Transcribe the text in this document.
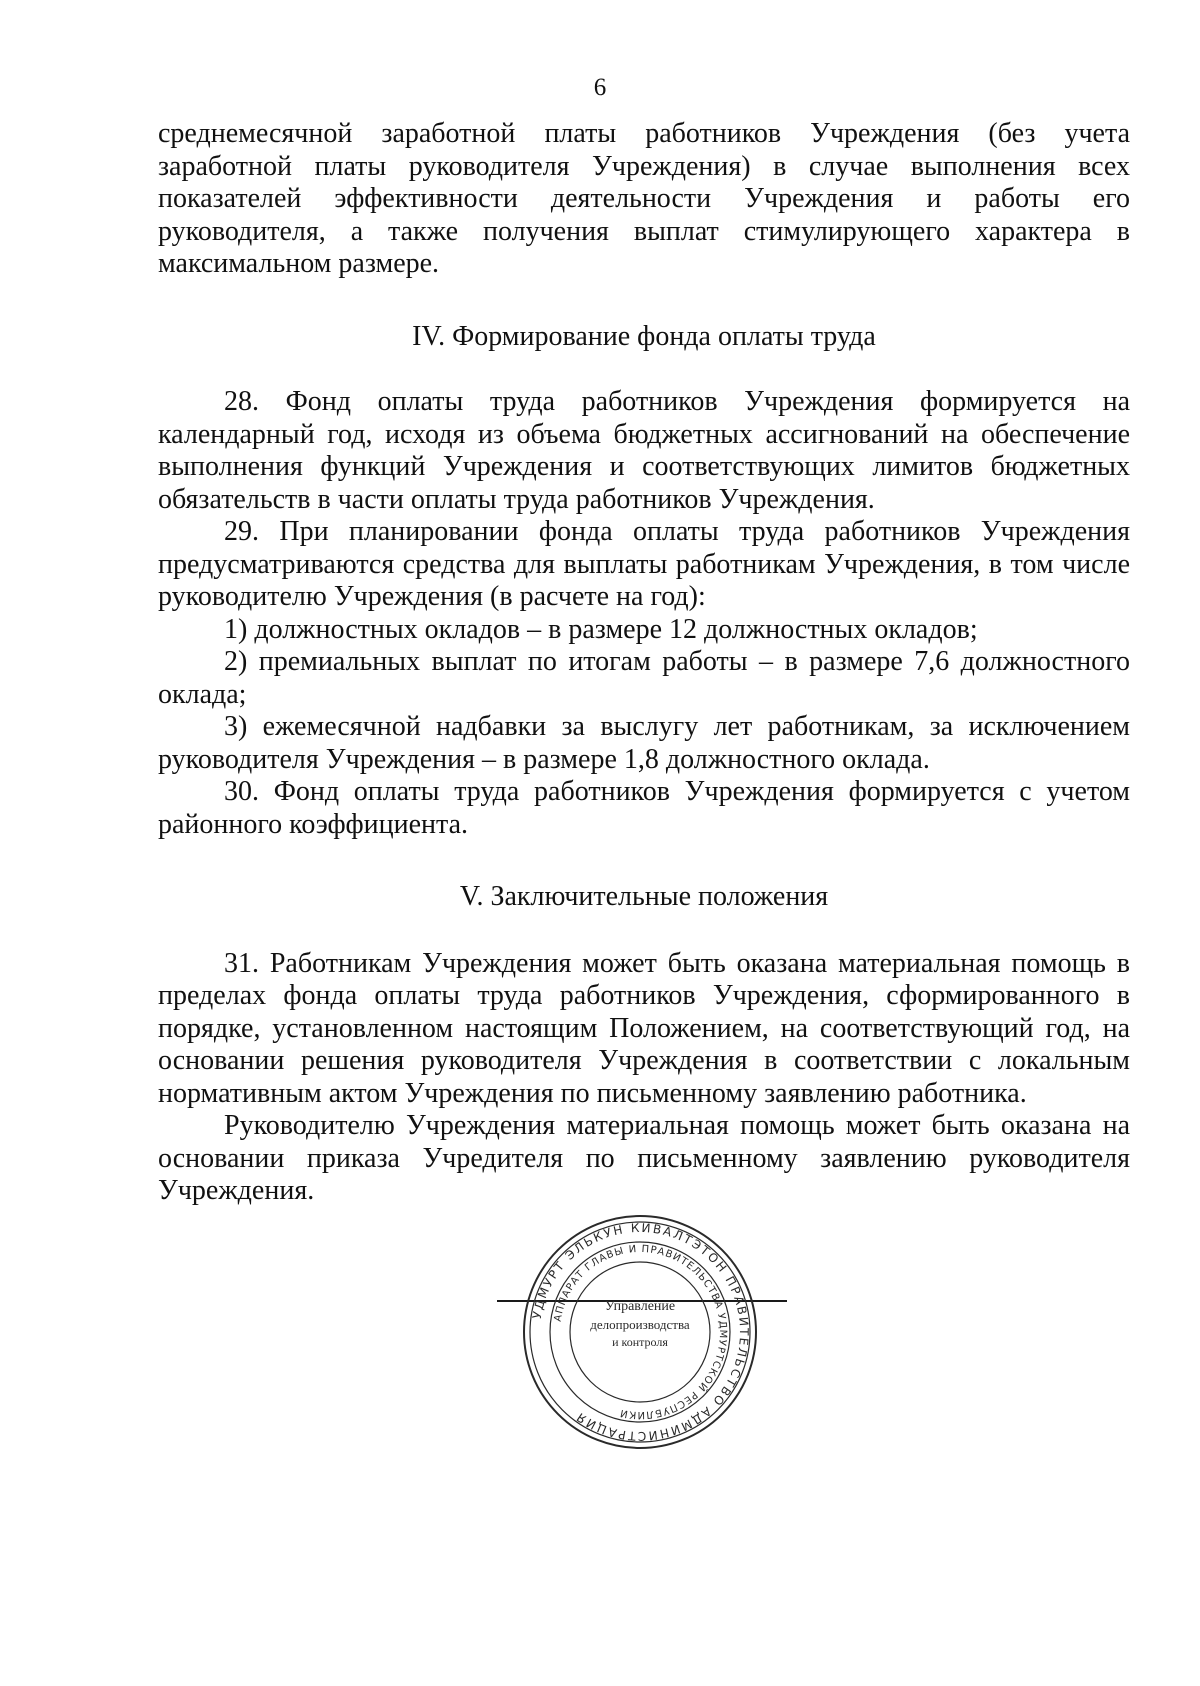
6

среднемесячной заработной платы работников Учреждения (без учета заработной платы руководителя Учреждения) в случае выполнения всех показателей эффективности деятельности Учреждения и работы его руководителя, а также получения выплат стимулирующего характера в максимальном размере.

IV. Формирование фонда оплаты труда

28. Фонд оплаты труда работников Учреждения формируется на календарный год, исходя из объема бюджетных ассигнований на обеспечение выполнения функций Учреждения и соответствующих лимитов бюджетных обязательств в части оплаты труда работников Учреждения.

29. При планировании фонда оплаты труда работников Учреждения предусматриваются средства для выплаты работникам Учреждения, в том числе руководителю Учреждения (в расчете на год):

1) должностных окладов – в размере 12 должностных окладов;

2) премиальных выплат по итогам работы – в размере 7,6 должностного оклада;

3) ежемесячной надбавки за выслугу лет работникам, за исключением руководителя Учреждения – в размере 1,8 должностного оклада.

30. Фонд оплаты труда работников Учреждения формируется с учетом районного коэффициента.

V. Заключительные положения

31. Работникам Учреждения может быть оказана материальная помощь в пределах фонда оплаты труда работников Учреждения, сформированного в порядке, установленном настоящим Положением, на соответствующий год, на основании решения руководителя Учреждения в соответствии с локальным нормативным актом Учреждения по письменному заявлению работника.

Руководителю Учреждения материальная помощь может быть оказана на основании приказа Учредителя по письменному заявлению руководителя Учреждения.

УДМУРТ ЭЛЬКУН КИВАЛТЭТОН ПРАВИТЕЛЬСТВО АДМИНИСТРАЦИЯ
АППАРАТ ГЛАВЫ И ПРАВИТЕЛЬСТВА УДМУРТСКОЙ РЕСПУБЛИКИ
Управление
делопроизводства
и контроля
